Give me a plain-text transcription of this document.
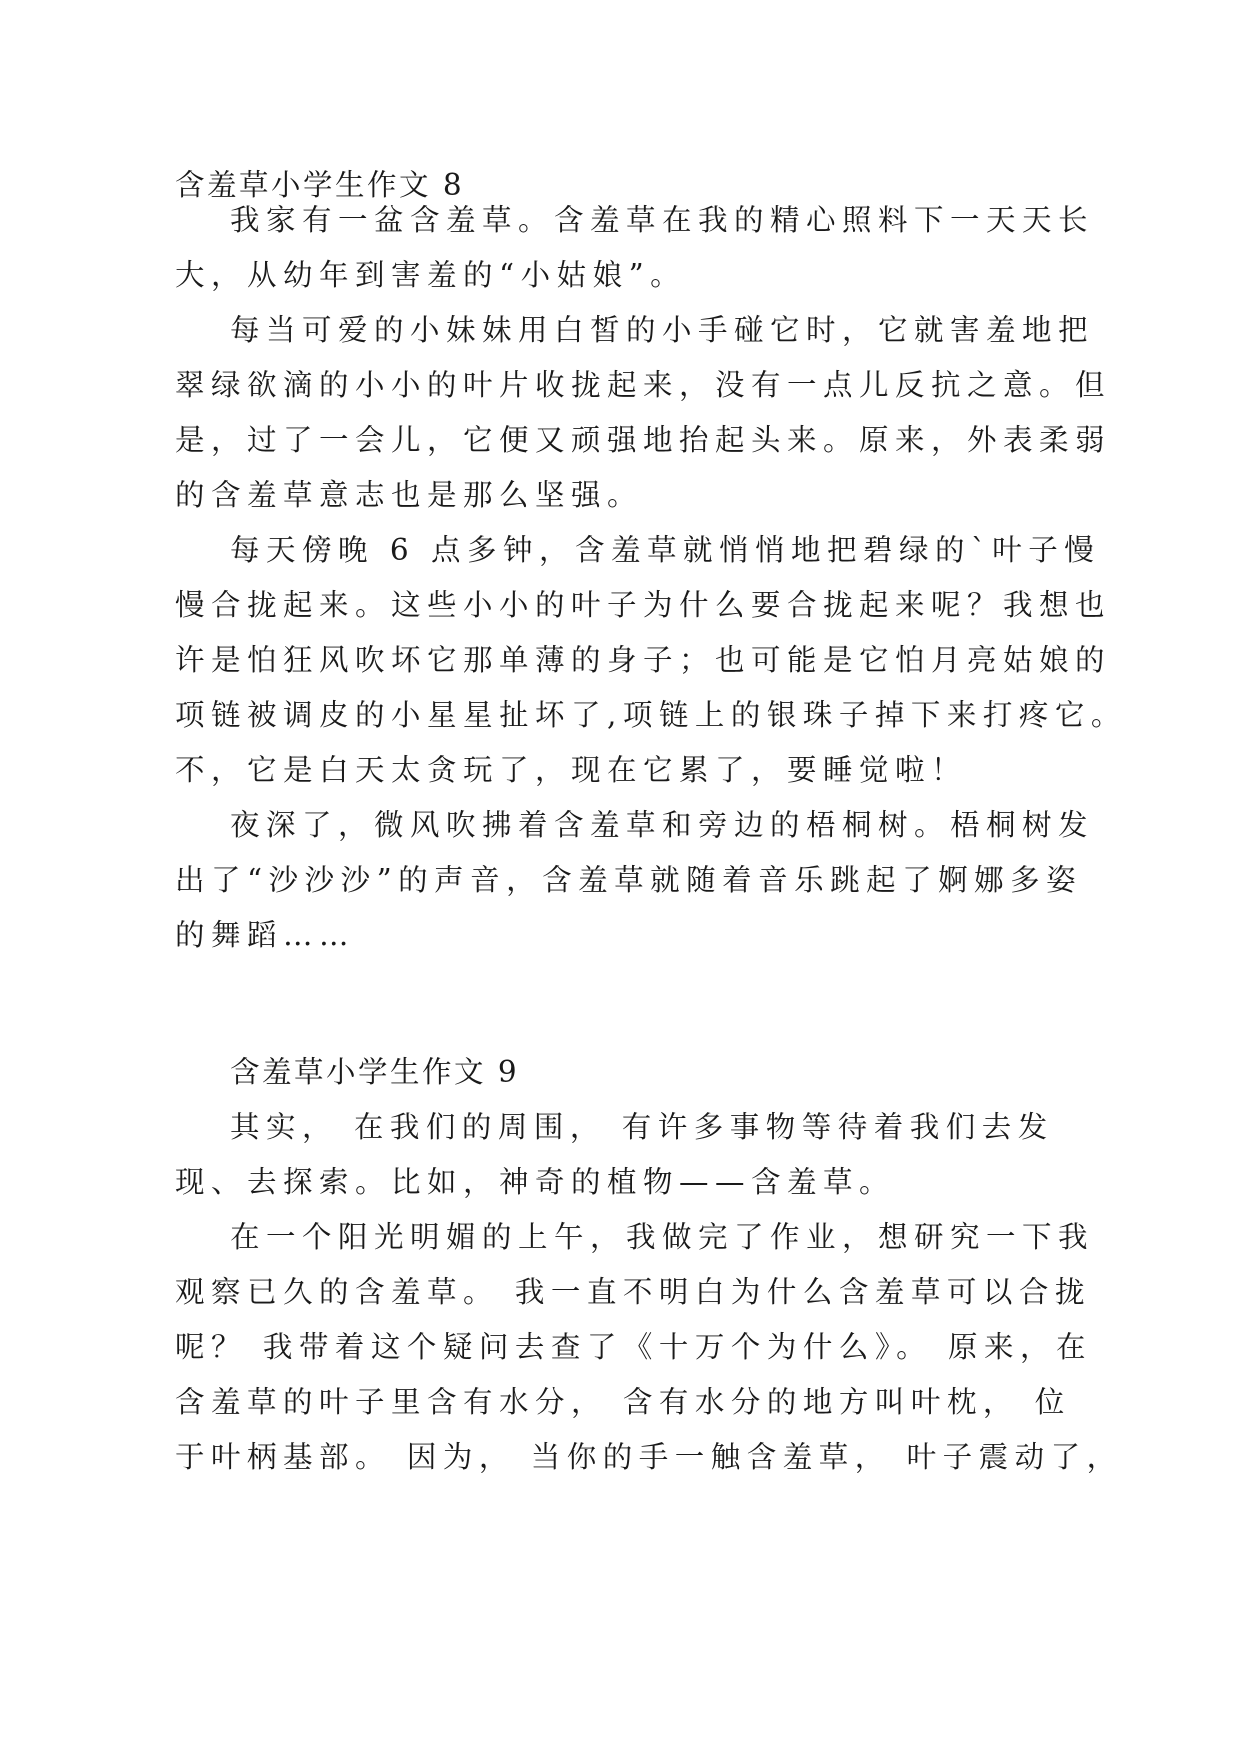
含羞草小学生作文 8
我家有一盆含羞草。含羞草在我的精心照料下一天天长
大，从幼年到害羞的“小姑娘”。
每当可爱的小妹妹用白皙的小手碰它时，它就害羞地把
翠绿欲滴的小小的叶片收拢起来，没有一点儿反抗之意。但
是，过了一会儿，它便又顽强地抬起头来。原来，外表柔弱
的含羞草意志也是那么坚强。
每天傍晚 6 点多钟，含羞草就悄悄地把碧绿的`叶子慢
慢合拢起来。这些小小的叶子为什么要合拢起来呢？我想也
许是怕狂风吹坏它那单薄的身子；也可能是它怕月亮姑娘的
项链被调皮的小星星扯坏了,项链上的银珠子掉下来打疼它。
不，它是白天太贪玩了，现在它累了，要睡觉啦！
夜深了，微风吹拂着含羞草和旁边的梧桐树。梧桐树发
出了“沙沙沙”的声音，含羞草就随着音乐跳起了婀娜多姿
的舞蹈……
含羞草小学生作文 9
其实， 在我们的周围， 有许多事物等待着我们去发
现、去探索。比如，神奇的植物——含羞草。
在一个阳光明媚的上午，我做完了作业，想研究一下我
观察已久的含羞草。 我一直不明白为什么含羞草可以合拢
呢？ 我带着这个疑问去查了《十万个为什么》。 原来，在
含羞草的叶子里含有水分， 含有水分的地方叫叶枕， 位
于叶柄基部。 因为， 当你的手一触含羞草， 叶子震动了，
